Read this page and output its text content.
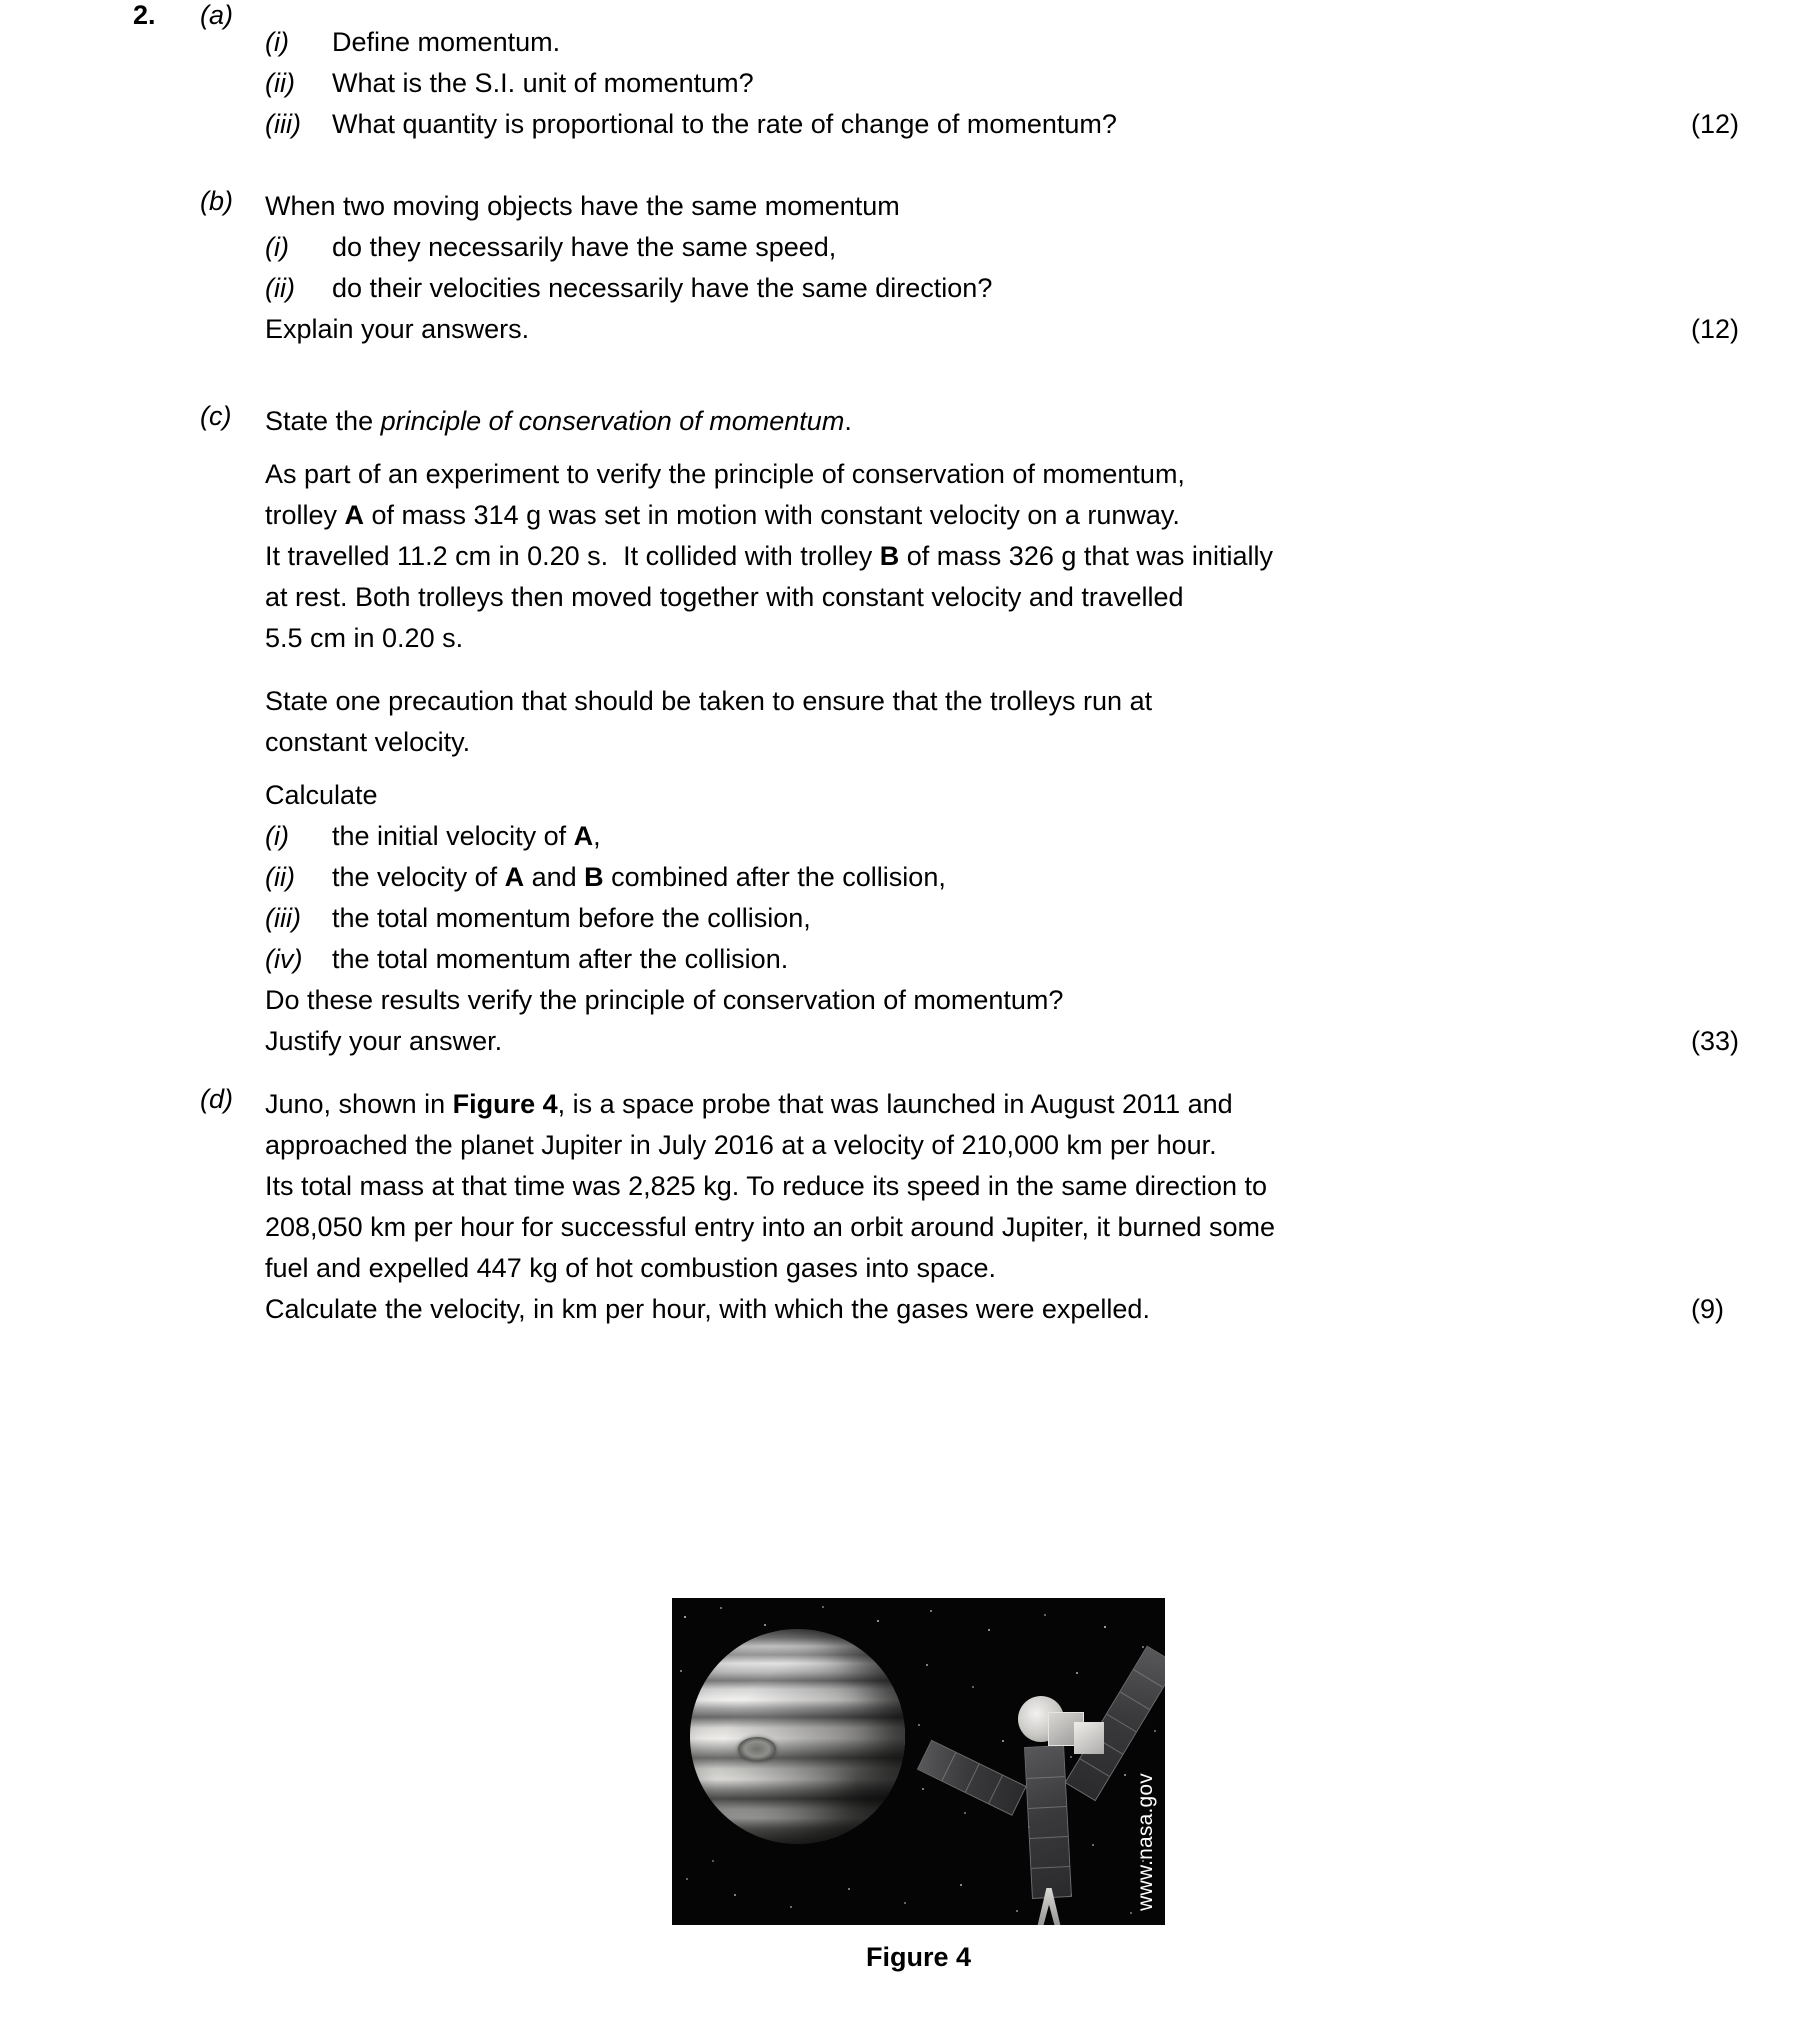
2. (a)
(i) Define momentum.
(ii) What is the S.I. unit of momentum?
(iii) What quantity is proportional to the rate of change of momentum?	(12)
(b) When two moving objects have the same momentum
(i) do they necessarily have the same speed,
(ii) do their velocities necessarily have the same direction?
Explain your answers.	(12)
(c) State the principle of conservation of momentum.
As part of an experiment to verify the principle of conservation of momentum,
trolley A of mass 314 g was set in motion with constant velocity on a runway.
It travelled 11.2 cm in 0.20 s.  It collided with trolley B of mass 326 g that was initially
at rest. Both trolleys then moved together with constant velocity and travelled
5.5 cm in 0.20 s.
State one precaution that should be taken to ensure that the trolleys run at
constant velocity.
Calculate
(i) the initial velocity of A,
(ii) the velocity of A and B combined after the collision,
(iii) the total momentum before the collision,
(iv) the total momentum after the collision.
Do these results verify the principle of conservation of momentum?
Justify your answer.	(33)
(d) Juno, shown in Figure 4, is a space probe that was launched in August 2011 and
approached the planet Jupiter in July 2016 at a velocity of 210,000 km per hour.
Its total mass at that time was 2,825 kg. To reduce its speed in the same direction to
208,050 km per hour for successful entry into an orbit around Jupiter, it burned some
fuel and expelled 447 kg of hot combustion gases into space.
Calculate the velocity, in km per hour, with which the gases were expelled.	(9)
www.nasa.gov
Figure 4
